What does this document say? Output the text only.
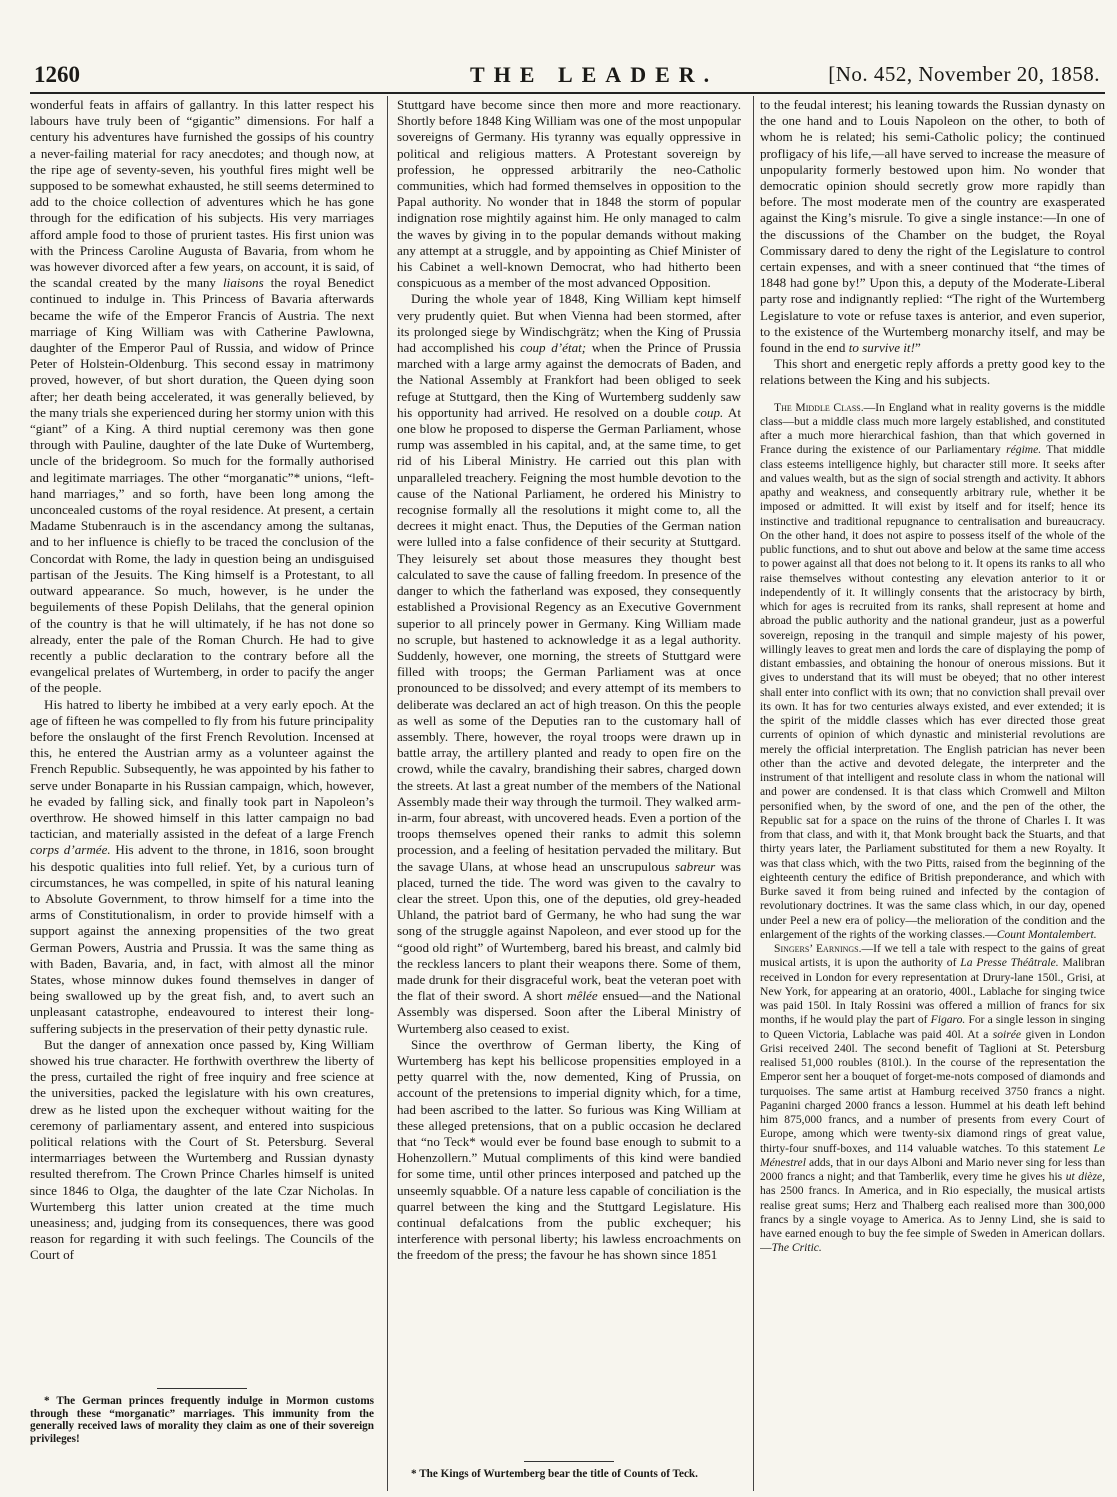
1260	THE LEADER.	[No. 452, November 20, 1858.

wonderful feats in affairs of gallantry. In this latter respect his labours have truly been of “gigantic” dimensions. For half a century his adventures have furnished the gossips of his country a never-failing material for racy anecdotes; and though now, at the ripe age of seventy-seven, his youthful fires might well be supposed to be somewhat exhausted, he still seems determined to add to the choice collection of adventures which he has gone through for the edification of his subjects. His very marriages afford ample food to those of prurient tastes. His first union was with the Princess Caroline Augusta of Bavaria, from whom he was however divorced after a few years, on account, it is said, of the scandal created by the many liaisons the royal Benedict continued to indulge in. This Princess of Bavaria afterwards became the wife of the Emperor Francis of Austria. The next marriage of King William was with Catherine Pawlowna, daughter of the Emperor Paul of Russia, and widow of Prince Peter of Holstein-Oldenburg. This second essay in matrimony proved, however, of but short duration, the Queen dying soon after; her death being accelerated, it was generally believed, by the many trials she experienced during her stormy union with this “giant” of a King. A third nuptial ceremony was then gone through with Pauline, daughter of the late Duke of Wurtemberg, uncle of the bridegroom. So much for the formally authorised and legitimate marriages. The other “morganatic”* unions, “left-hand marriages,” and so forth, have been long among the unconcealed customs of the royal residence. At present, a certain Madame Stubenrauch is in the ascendancy among the sultanas, and to her influence is chiefly to be traced the conclusion of the Concordat with Rome, the lady in question being an undisguised partisan of the Jesuits. The King himself is a Protestant, to all outward appearance. So much, however, is he under the beguilements of these Popish Delilahs, that the general opinion of the country is that he will ultimately, if he has not done so already, enter the pale of the Roman Church. He had to give recently a public declaration to the contrary before all the evangelical prelates of Wurtemberg, in order to pacify the anger of the people.

His hatred to liberty he imbibed at a very early epoch. At the age of fifteen he was compelled to fly from his future principality before the onslaught of the first French Revolution. Incensed at this, he entered the Austrian army as a volunteer against the French Republic. Subsequently, he was appointed by his father to serve under Bonaparte in his Russian campaign, which, however, he evaded by falling sick, and finally took part in Napoleon’s overthrow. He showed himself in this latter campaign no bad tactician, and materially assisted in the defeat of a large French corps d’armée. His advent to the throne, in 1816, soon brought his despotic qualities into full relief. Yet, by a curious turn of circumstances, he was compelled, in spite of his natural leaning to Absolute Government, to throw himself for a time into the arms of Constitutionalism, in order to provide himself with a support against the annexing propensities of the two great German Powers, Austria and Prussia. It was the same thing as with Baden, Bavaria, and, in fact, with almost all the minor States, whose minnow dukes found themselves in danger of being swallowed up by the great fish, and, to avert such an unpleasant catastrophe, endeavoured to interest their long-suffering subjects in the preservation of their petty dynastic rule.

But the danger of annexation once passed by, King William showed his true character. He forthwith overthrew the liberty of the press, curtailed the right of free inquiry and free science at the universities, packed the legislature with his own creatures, drew as he listed upon the exchequer without waiting for the ceremony of parliamentary assent, and entered into suspicious political relations with the Court of St. Petersburg. Several intermarriages between the Wurtemberg and Russian dynasty resulted therefrom. The Crown Prince Charles himself is united since 1846 to Olga, the daughter of the late Czar Nicholas. In Wurtemberg this latter union created at the time much uneasiness; and, judging from its consequences, there was good reason for regarding it with such feelings. The Councils of the Court of

* The German princes frequently indulge in Mormon customs through these “morganatic” marriages. This immunity from the generally received laws of morality they claim as one of their sovereign privileges!

Stuttgard have become since then more and more reactionary. Shortly before 1848 King William was one of the most unpopular sovereigns of Germany. His tyranny was equally oppressive in political and religious matters. A Protestant sovereign by profession, he oppressed arbitrarily the neo-Catholic communities, which had formed themselves in opposition to the Papal authority. No wonder that in 1848 the storm of popular indignation rose mightily against him. He only managed to calm the waves by giving in to the popular demands without making any attempt at a struggle, and by appointing as Chief Minister of his Cabinet a well-known Democrat, who had hitherto been conspicuous as a member of the most advanced Opposition.

During the whole year of 1848, King William kept himself very prudently quiet. But when Vienna had been stormed, after its prolonged siege by Windischgrätz; when the King of Prussia had accomplished his coup d’état; when the Prince of Prussia marched with a large army against the democrats of Baden, and the National Assembly at Frankfort had been obliged to seek refuge at Stuttgard, then the King of Wurtemberg suddenly saw his opportunity had arrived. He resolved on a double coup. At one blow he proposed to disperse the German Parliament, whose rump was assembled in his capital, and, at the same time, to get rid of his Liberal Ministry. He carried out this plan with unparalleled treachery. Feigning the most humble devotion to the cause of the National Parliament, he ordered his Ministry to recognise formally all the resolutions it might come to, all the decrees it might enact. Thus, the Deputies of the German nation were lulled into a false confidence of their security at Stuttgard. They leisurely set about those measures they thought best calculated to save the cause of falling freedom. In presence of the danger to which the fatherland was exposed, they consequently established a Provisional Regency as an Executive Government superior to all princely power in Germany. King William made no scruple, but hastened to acknowledge it as a legal authority. Suddenly, however, one morning, the streets of Stuttgard were filled with troops; the German Parliament was at once pronounced to be dissolved; and every attempt of its members to deliberate was declared an act of high treason. On this the people as well as some of the Deputies ran to the customary hall of assembly. There, however, the royal troops were drawn up in battle array, the artillery planted and ready to open fire on the crowd, while the cavalry, brandishing their sabres, charged down the streets. At last a great number of the members of the National Assembly made their way through the turmoil. They walked arm-in-arm, four abreast, with uncovered heads. Even a portion of the troops themselves opened their ranks to admit this solemn procession, and a feeling of hesitation pervaded the military. But the savage Ulans, at whose head an unscrupulous sabreur was placed, turned the tide. The word was given to the cavalry to clear the street. Upon this, one of the deputies, old grey-headed Uhland, the patriot bard of Germany, he who had sung the war song of the struggle against Napoleon, and ever stood up for the “good old right” of Wurtemberg, bared his breast, and calmly bid the reckless lancers to plant their weapons there. Some of them, made drunk for their disgraceful work, beat the veteran poet with the flat of their sword. A short mêlée ensued—and the National Assembly was dispersed. Soon after the Liberal Ministry of Wurtemberg also ceased to exist.

Since the overthrow of German liberty, the King of Wurtemberg has kept his bellicose propensities employed in a petty quarrel with the, now demented, King of Prussia, on account of the pretensions to imperial dignity which, for a time, had been ascribed to the latter. So furious was King William at these alleged pretensions, that on a public occasion he declared that “no Teck* would ever be found base enough to submit to a Hohenzollern.” Mutual compliments of this kind were bandied for some time, until other princes interposed and patched up the unseemly squabble. Of a nature less capable of conciliation is the quarrel between the king and the Stuttgard Legislature. His continual defalcations from the public exchequer; his interference with personal liberty; his lawless encroachments on the freedom of the press; the favour he has shown since 1851

* The Kings of Wurtemberg bear the title of Counts of Teck.

to the feudal interest; his leaning towards the Russian dynasty on the one hand and to Louis Napoleon on the other, to both of whom he is related; his semi-Catholic policy; the continued profligacy of his life,—all have served to increase the measure of unpopularity formerly bestowed upon him. No wonder that democratic opinion should secretly grow more rapidly than before. The most moderate men of the country are exasperated against the King’s misrule. To give a single instance:—In one of the discussions of the Chamber on the budget, the Royal Commissary dared to deny the right of the Legislature to control certain expenses, and with a sneer continued that “the times of 1848 had gone by!” Upon this, a deputy of the Moderate-Liberal party rose and indignantly replied: “The right of the Wurtemberg Legislature to vote or refuse taxes is anterior, and even superior, to the existence of the Wurtemberg monarchy itself, and may be found in the end to survive it!”

This short and energetic reply affords a pretty good key to the relations between the King and his subjects.

The Middle Class.—In England what in reality governs is the middle class—but a middle class much more largely established, and constituted after a much more hierarchical fashion, than that which governed in France during the existence of our Parliamentary régime. That middle class esteems intelligence highly, but character still more. It seeks after and values wealth, but as the sign of social strength and activity. It abhors apathy and weakness, and consequently arbitrary rule, whether it be imposed or admitted. It will exist by itself and for itself; hence its instinctive and traditional repugnance to centralisation and bureaucracy. On the other hand, it does not aspire to possess itself of the whole of the public functions, and to shut out above and below at the same time access to power against all that does not belong to it. It opens its ranks to all who raise themselves without contesting any elevation anterior to it or independently of it. It willingly consents that the aristocracy by birth, which for ages is recruited from its ranks, shall represent at home and abroad the public authority and the national grandeur, just as a powerful sovereign, reposing in the tranquil and simple majesty of his power, willingly leaves to great men and lords the care of displaying the pomp of distant embassies, and obtaining the honour of onerous missions. But it gives to understand that its will must be obeyed; that no other interest shall enter into conflict with its own; that no conviction shall prevail over its own. It has for two centuries always existed, and ever extended; it is the spirit of the middle classes which has ever directed those great currents of opinion of which dynastic and ministerial revolutions are merely the official interpretation. The English patrician has never been other than the active and devoted delegate, the interpreter and the instrument of that intelligent and resolute class in whom the national will and power are condensed. It is that class which Cromwell and Milton personified when, by the sword of one, and the pen of the other, the Republic sat for a space on the ruins of the throne of Charles I. It was from that class, and with it, that Monk brought back the Stuarts, and that thirty years later, the Parliament substituted for them a new Royalty. It was that class which, with the two Pitts, raised from the beginning of the eighteenth century the edifice of British preponderance, and which with Burke saved it from being ruined and infected by the contagion of revolutionary doctrines. It was the same class which, in our day, opened under Peel a new era of policy—the melioration of the condition and the enlargement of the rights of the working classes.—Count Montalembert.

Singers’ Earnings.—If we tell a tale with respect to the gains of great musical artists, it is upon the authority of La Presse Théâtrale. Malibran received in London for every representation at Drury-lane 150l., Grisi, at New York, for appearing at an oratorio, 400l., Lablache for singing twice was paid 150l. In Italy Rossini was offered a million of francs for six months, if he would play the part of Figaro. For a single lesson in singing to Queen Victoria, Lablache was paid 40l. At a soirée given in London Grisi received 240l. The second benefit of Taglioni at St. Petersburg realised 51,000 roubles (810l.). In the course of the representation the Emperor sent her a bouquet of forget-me-nots composed of diamonds and turquoises. The same artist at Hamburg received 3750 francs a night. Paganini charged 2000 francs a lesson. Hummel at his death left behind him 875,000 francs, and a number of presents from every Court of Europe, among which were twenty-six diamond rings of great value, thirty-four snuff-boxes, and 114 valuable watches. To this statement Le Ménestrel adds, that in our days Alboni and Mario never sing for less than 2000 francs a night; and that Tamberlik, every time he gives his ut dièze, has 2500 francs. In America, and in Rio especially, the musical artists realise great sums; Herz and Thalberg each realised more than 300,000 francs by a single voyage to America. As to Jenny Lind, she is said to have earned enough to buy the fee simple of Sweden in American dollars.—The Critic.
